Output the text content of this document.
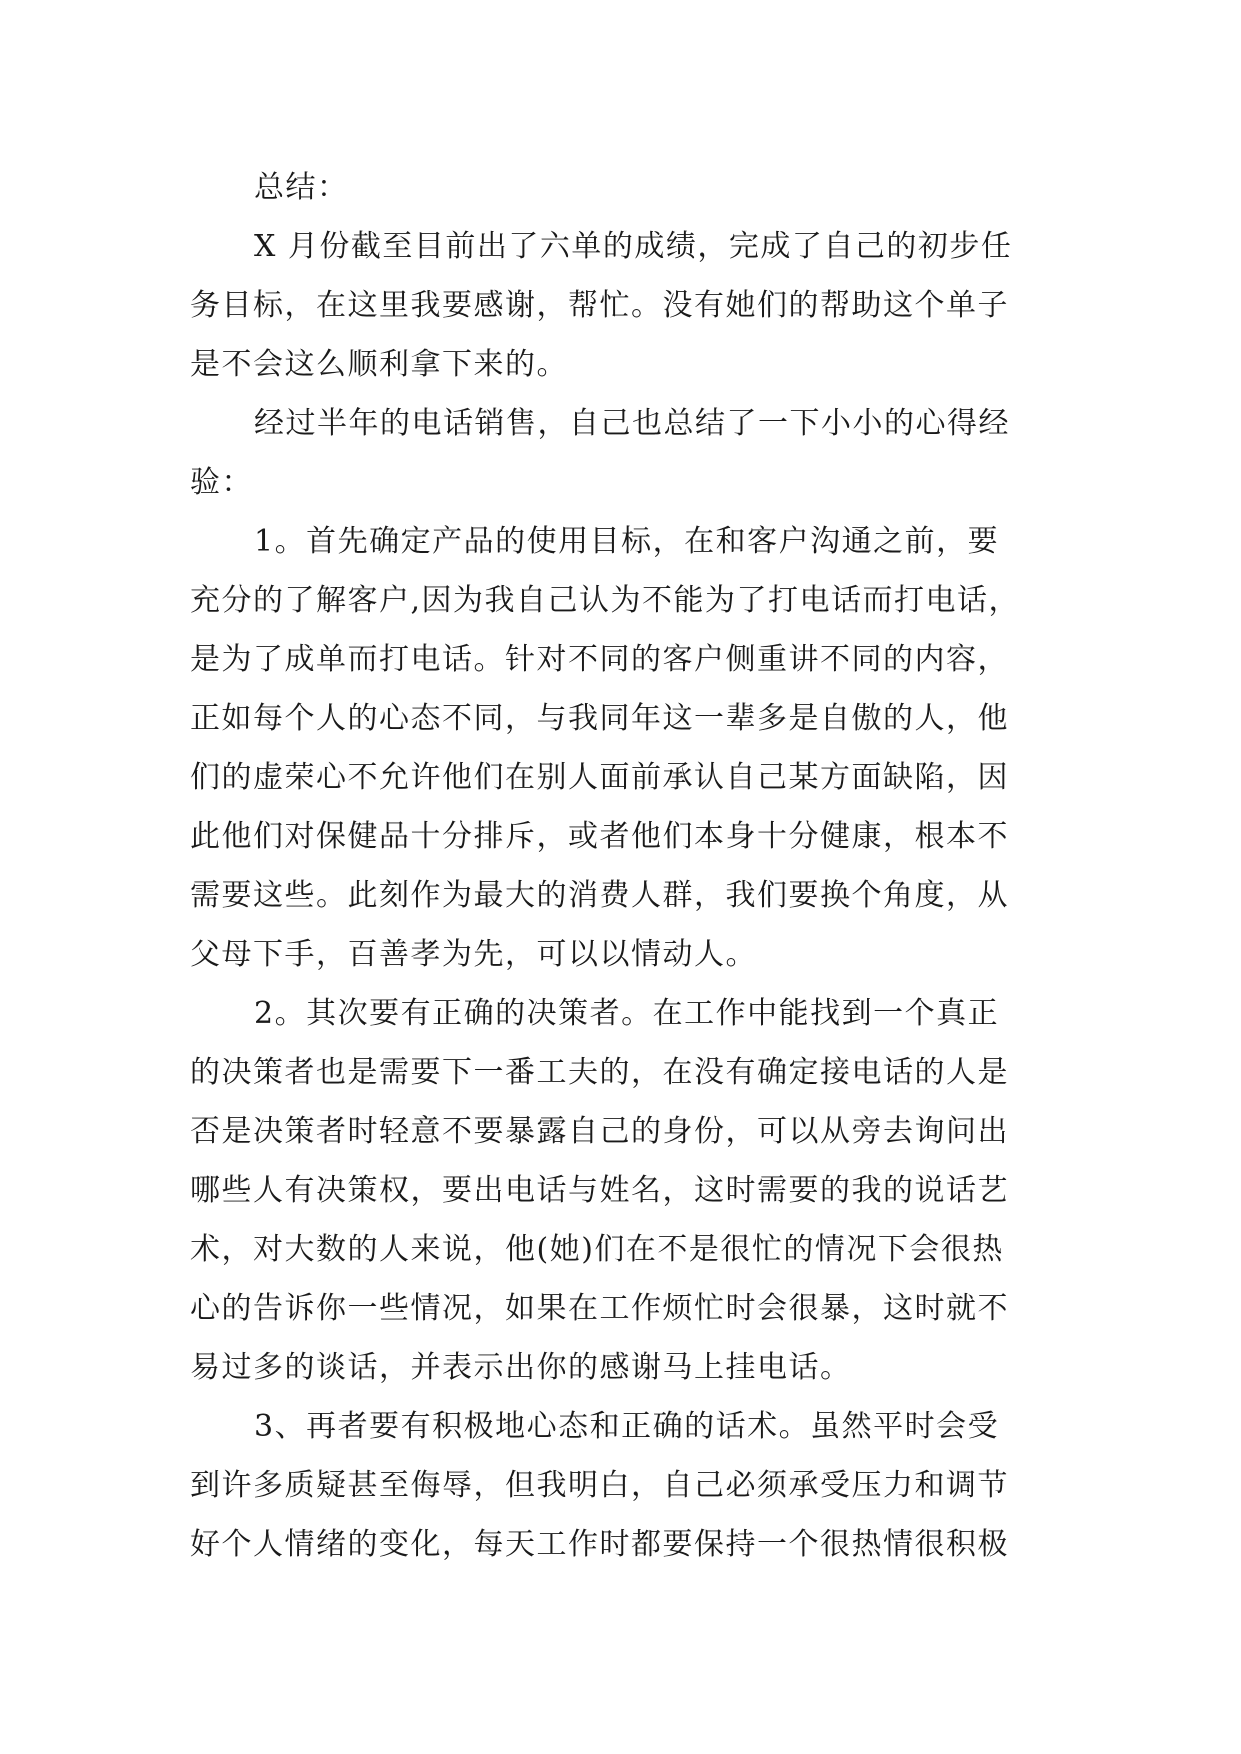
总结：
X 月份截至目前出了六单的成绩，完成了自己的初步任
务目标，在这里我要感谢，帮忙。没有她们的帮助这个单子
是不会这么顺利拿下来的。
经过半年的电话销售，自己也总结了一下小小的心得经
验：
1。首先确定产品的使用目标，在和客户沟通之前，要
充分的了解客户,因为我自己认为不能为了打电话而打电话，
是为了成单而打电话。针对不同的客户侧重讲不同的内容，
正如每个人的心态不同，与我同年这一辈多是自傲的人，他
们的虚荣心不允许他们在别人面前承认自己某方面缺陷，因
此他们对保健品十分排斥，或者他们本身十分健康，根本不
需要这些。此刻作为最大的消费人群，我们要换个角度，从
父母下手，百善孝为先，可以以情动人。
2。其次要有正确的决策者。在工作中能找到一个真正
的决策者也是需要下一番工夫的，在没有确定接电话的人是
否是决策者时轻意不要暴露自己的身份，可以从旁去询问出
哪些人有决策权，要出电话与姓名，这时需要的我的说话艺
术，对大数的人来说，他(她)们在不是很忙的情况下会很热
心的告诉你一些情况，如果在工作烦忙时会很暴，这时就不
易过多的谈话，并表示出你的感谢马上挂电话。
3、再者要有积极地心态和正确的话术。虽然平时会受
到许多质疑甚至侮辱，但我明白，自己必须承受压力和调节
好个人情绪的变化，每天工作时都要保持一个很热情很积极
